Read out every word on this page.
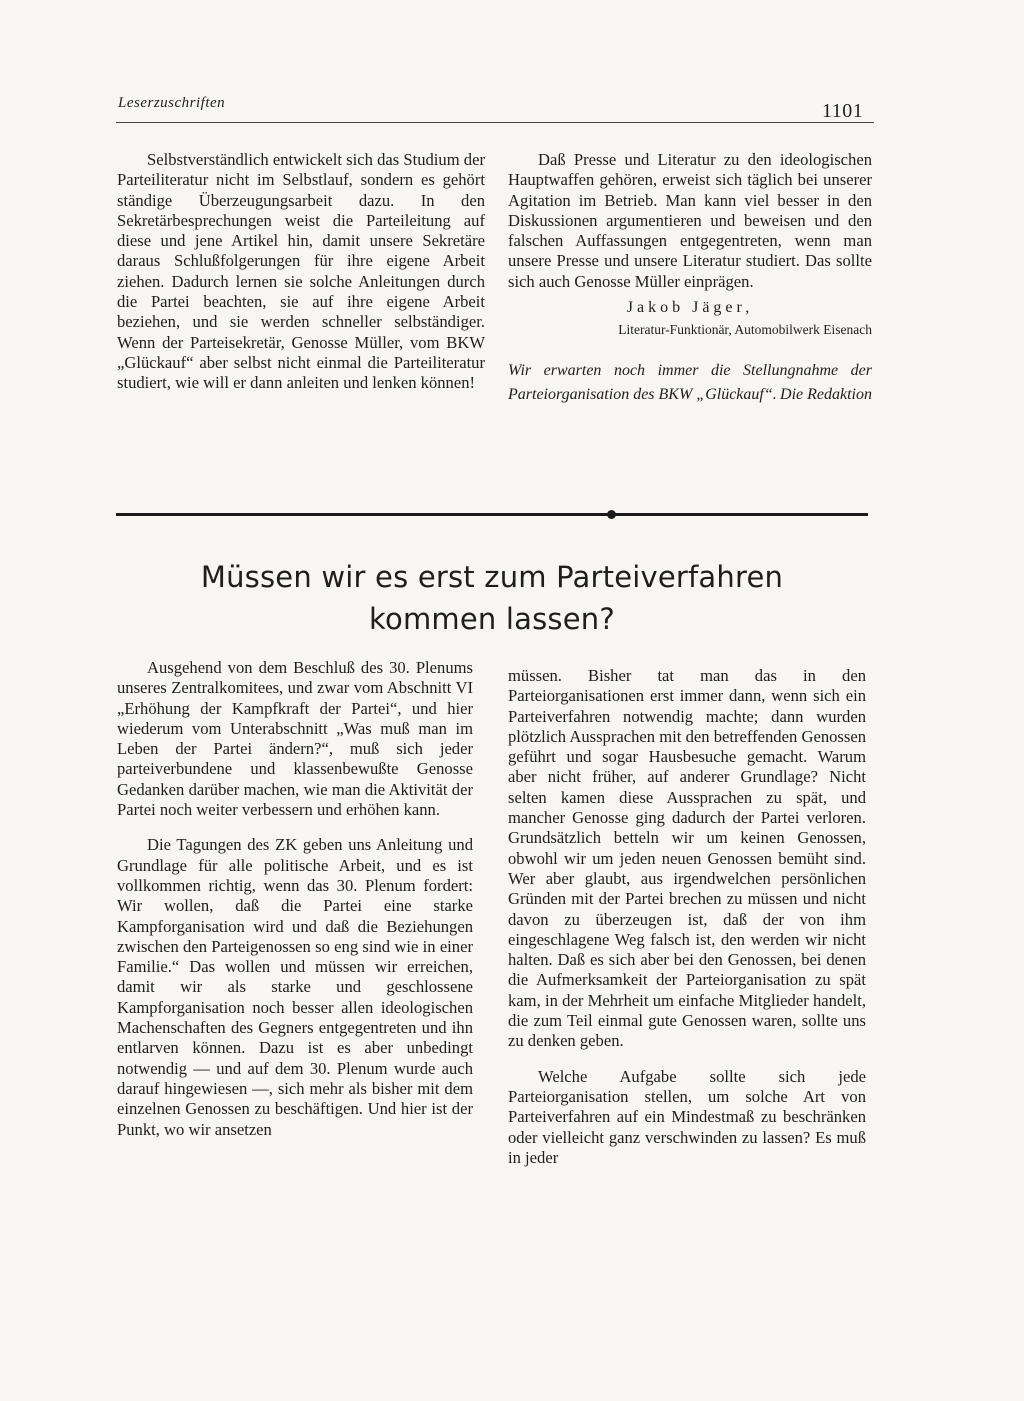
Leserzuschriften	1101

Selbstverständlich entwickelt sich das Studium der Parteiliteratur nicht im Selbstlauf, sondern es gehört ständige Überzeugungsarbeit dazu. In den Sekretärbesprechungen weist die Parteileitung auf diese und jene Artikel hin, damit unsere Sekretäre daraus Schlußfolgerungen für ihre eigene Arbeit ziehen. Dadurch lernen sie solche Anleitungen durch die Partei beachten, sie auf ihre eigene Arbeit beziehen, und sie werden schneller selbständiger. Wenn der Parteisekretär, Genosse Müller, vom BKW „Glückauf“ aber selbst nicht einmal die Parteiliteratur studiert, wie will er dann anleiten und lenken können!

Daß Presse und Literatur zu den ideologischen Hauptwaffen gehören, erweist sich täglich bei unserer Agitation im Betrieb. Man kann viel besser in den Diskussionen argumentieren und beweisen und den falschen Auffassungen entgegentreten, wenn man unsere Presse und unsere Literatur studiert. Das sollte sich auch Genosse Müller einprägen.

Jakob Jäger,
Literatur-Funktionär, Automobilwerk Eisenach
Wir erwarten noch immer die Stellungnahme der Parteiorganisation des BKW „Glückauf“. Die Redaktion
Müssen wir es erst zum Parteiverfahren
kommen lassen?

Ausgehend von dem Beschluß des 30. Plenums unseres Zentralkomitees, und zwar vom Abschnitt VI „Erhöhung der Kampfkraft der Partei“, und hier wiederum vom Unterabschnitt „Was muß man im Leben der Partei ändern?“, muß sich jeder parteiverbundene und klassenbewußte Genosse Gedanken darüber machen, wie man die Aktivität der Partei noch weiter verbessern und erhöhen kann.

Die Tagungen des ZK geben uns Anleitung und Grundlage für alle politische Arbeit, und es ist vollkommen richtig, wenn das 30. Plenum fordert: Wir wollen, daß die Partei eine starke Kampforganisation wird und daß die Beziehungen zwischen den Parteigenossen so eng sind wie in einer Familie.“ Das wollen und müssen wir erreichen, damit wir als starke und geschlossene Kampforganisation noch besser allen ideologischen Machenschaften des Gegners entgegentreten und ihn entlarven können. Dazu ist es aber unbedingt notwendig — und auf dem 30. Plenum wurde auch darauf hingewiesen —, sich mehr als bisher mit dem einzelnen Genossen zu beschäftigen. Und hier ist der Punkt, wo wir ansetzen

müssen. Bisher tat man das in den Parteiorganisationen erst immer dann, wenn sich ein Parteiverfahren notwendig machte; dann wurden plötzlich Aussprachen mit den betreffenden Genossen geführt und sogar Hausbesuche gemacht. Warum aber nicht früher, auf anderer Grundlage? Nicht selten kamen diese Aussprachen zu spät, und mancher Genosse ging dadurch der Partei verloren. Grundsätzlich betteln wir um keinen Genossen, obwohl wir um jeden neuen Genossen bemüht sind. Wer aber glaubt, aus irgendwelchen persönlichen Gründen mit der Partei brechen zu müssen und nicht davon zu überzeugen ist, daß der von ihm eingeschlagene Weg falsch ist, den werden wir nicht halten. Daß es sich aber bei den Genossen, bei denen die Aufmerksamkeit der Parteiorganisation zu spät kam, in der Mehrheit um einfache Mitglieder handelt, die zum Teil einmal gute Genossen waren, sollte uns zu denken geben.

Welche Aufgabe sollte sich jede Parteiorganisation stellen, um solche Art von Parteiverfahren auf ein Mindestmaß zu beschränken oder vielleicht ganz verschwinden zu lassen? Es muß in jeder
